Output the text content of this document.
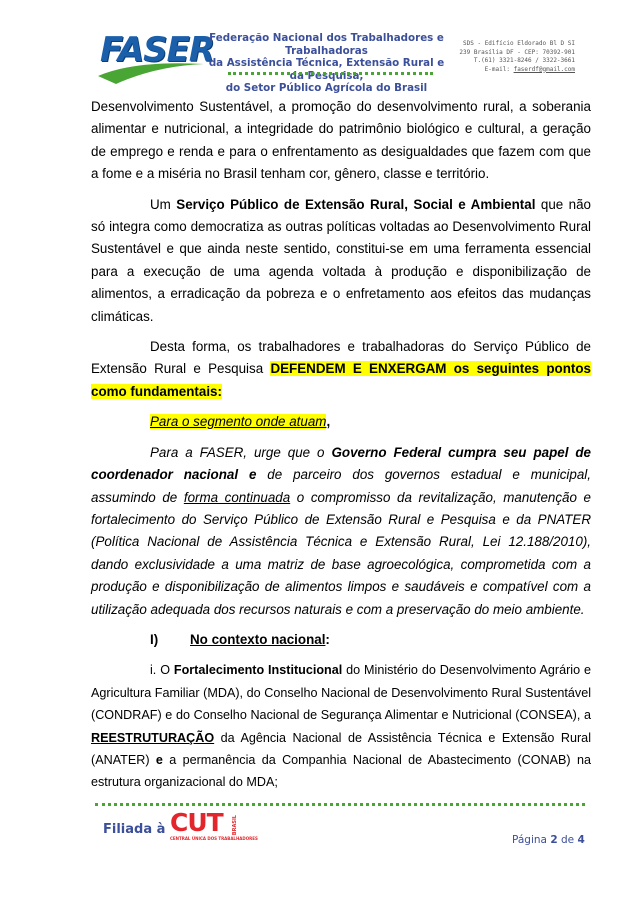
FASER
Federação Nacional dos Trabalhadores e Trabalhadoras
da Assistência Técnica, Extensão Rural e da Pesquisa,
do Setor Público Agrícola do Brasil
SDS - Edifício Eldorado Bl D SI
239 Brasília DF - CEP: 70392-901
T.(61) 3321-8246 / 3322-3661
E-mail: faserdf@gmail.com

Desenvolvimento Sustentável, a promoção do desenvolvimento rural, a soberania alimentar e nutricional, a integridade do patrimônio biológico e cultural, a geração de emprego e renda e para o enfrentamento as desigualdades que fazem com que a fome e a miséria no Brasil tenham cor, gênero, classe e território.

Um Serviço Público de Extensão Rural, Social e Ambiental que não só integra como democratiza as outras políticas voltadas ao Desenvolvimento Rural Sustentável e que ainda neste sentido, constitui-se em uma ferramenta essencial para a execução de uma agenda voltada à produção e disponibilização de alimentos, a erradicação da pobreza e o enfretamento aos efeitos das mudanças climáticas.

Desta forma, os trabalhadores e trabalhadoras do Serviço Público de Extensão Rural e Pesquisa DEFENDEM E ENXERGAM os seguintes pontos como fundamentais:

Para o segmento onde atuam,

Para a FASER, urge que o Governo Federal cumpra seu papel de coordenador nacional e de parceiro dos governos estadual e municipal, assumindo de forma continuada o compromisso da revitalização, manutenção e fortalecimento do Serviço Público de Extensão Rural e Pesquisa e da PNATER (Política Nacional de Assistência Técnica e Extensão Rural, Lei 12.188/2010), dando exclusividade a uma matriz de base agroecológica, comprometida com a produção e disponibilização de alimentos limpos e saudáveis e compatível com a utilização adequada dos recursos naturais e com a preservação do meio ambiente.

I) No contexto nacional:

i. O Fortalecimento Institucional do Ministério do Desenvolvimento Agrário e Agricultura Familiar (MDA), do Conselho Nacional de Desenvolvimento Rural Sustentável (CONDRAF) e do Conselho Nacional de Segurança Alimentar e Nutricional (CONSEA), a REESTRUTURAÇÃO da Agência Nacional de Assistência Técnica e Extensão Rural (ANATER) e a permanência da Companhia Nacional de Abastecimento (CONAB) na estrutura organizacional do MDA;

Filiada à CUT
CENTRAL ÚNICA DOS TRABALHADORES
BRASIL
Página 2 de 4
